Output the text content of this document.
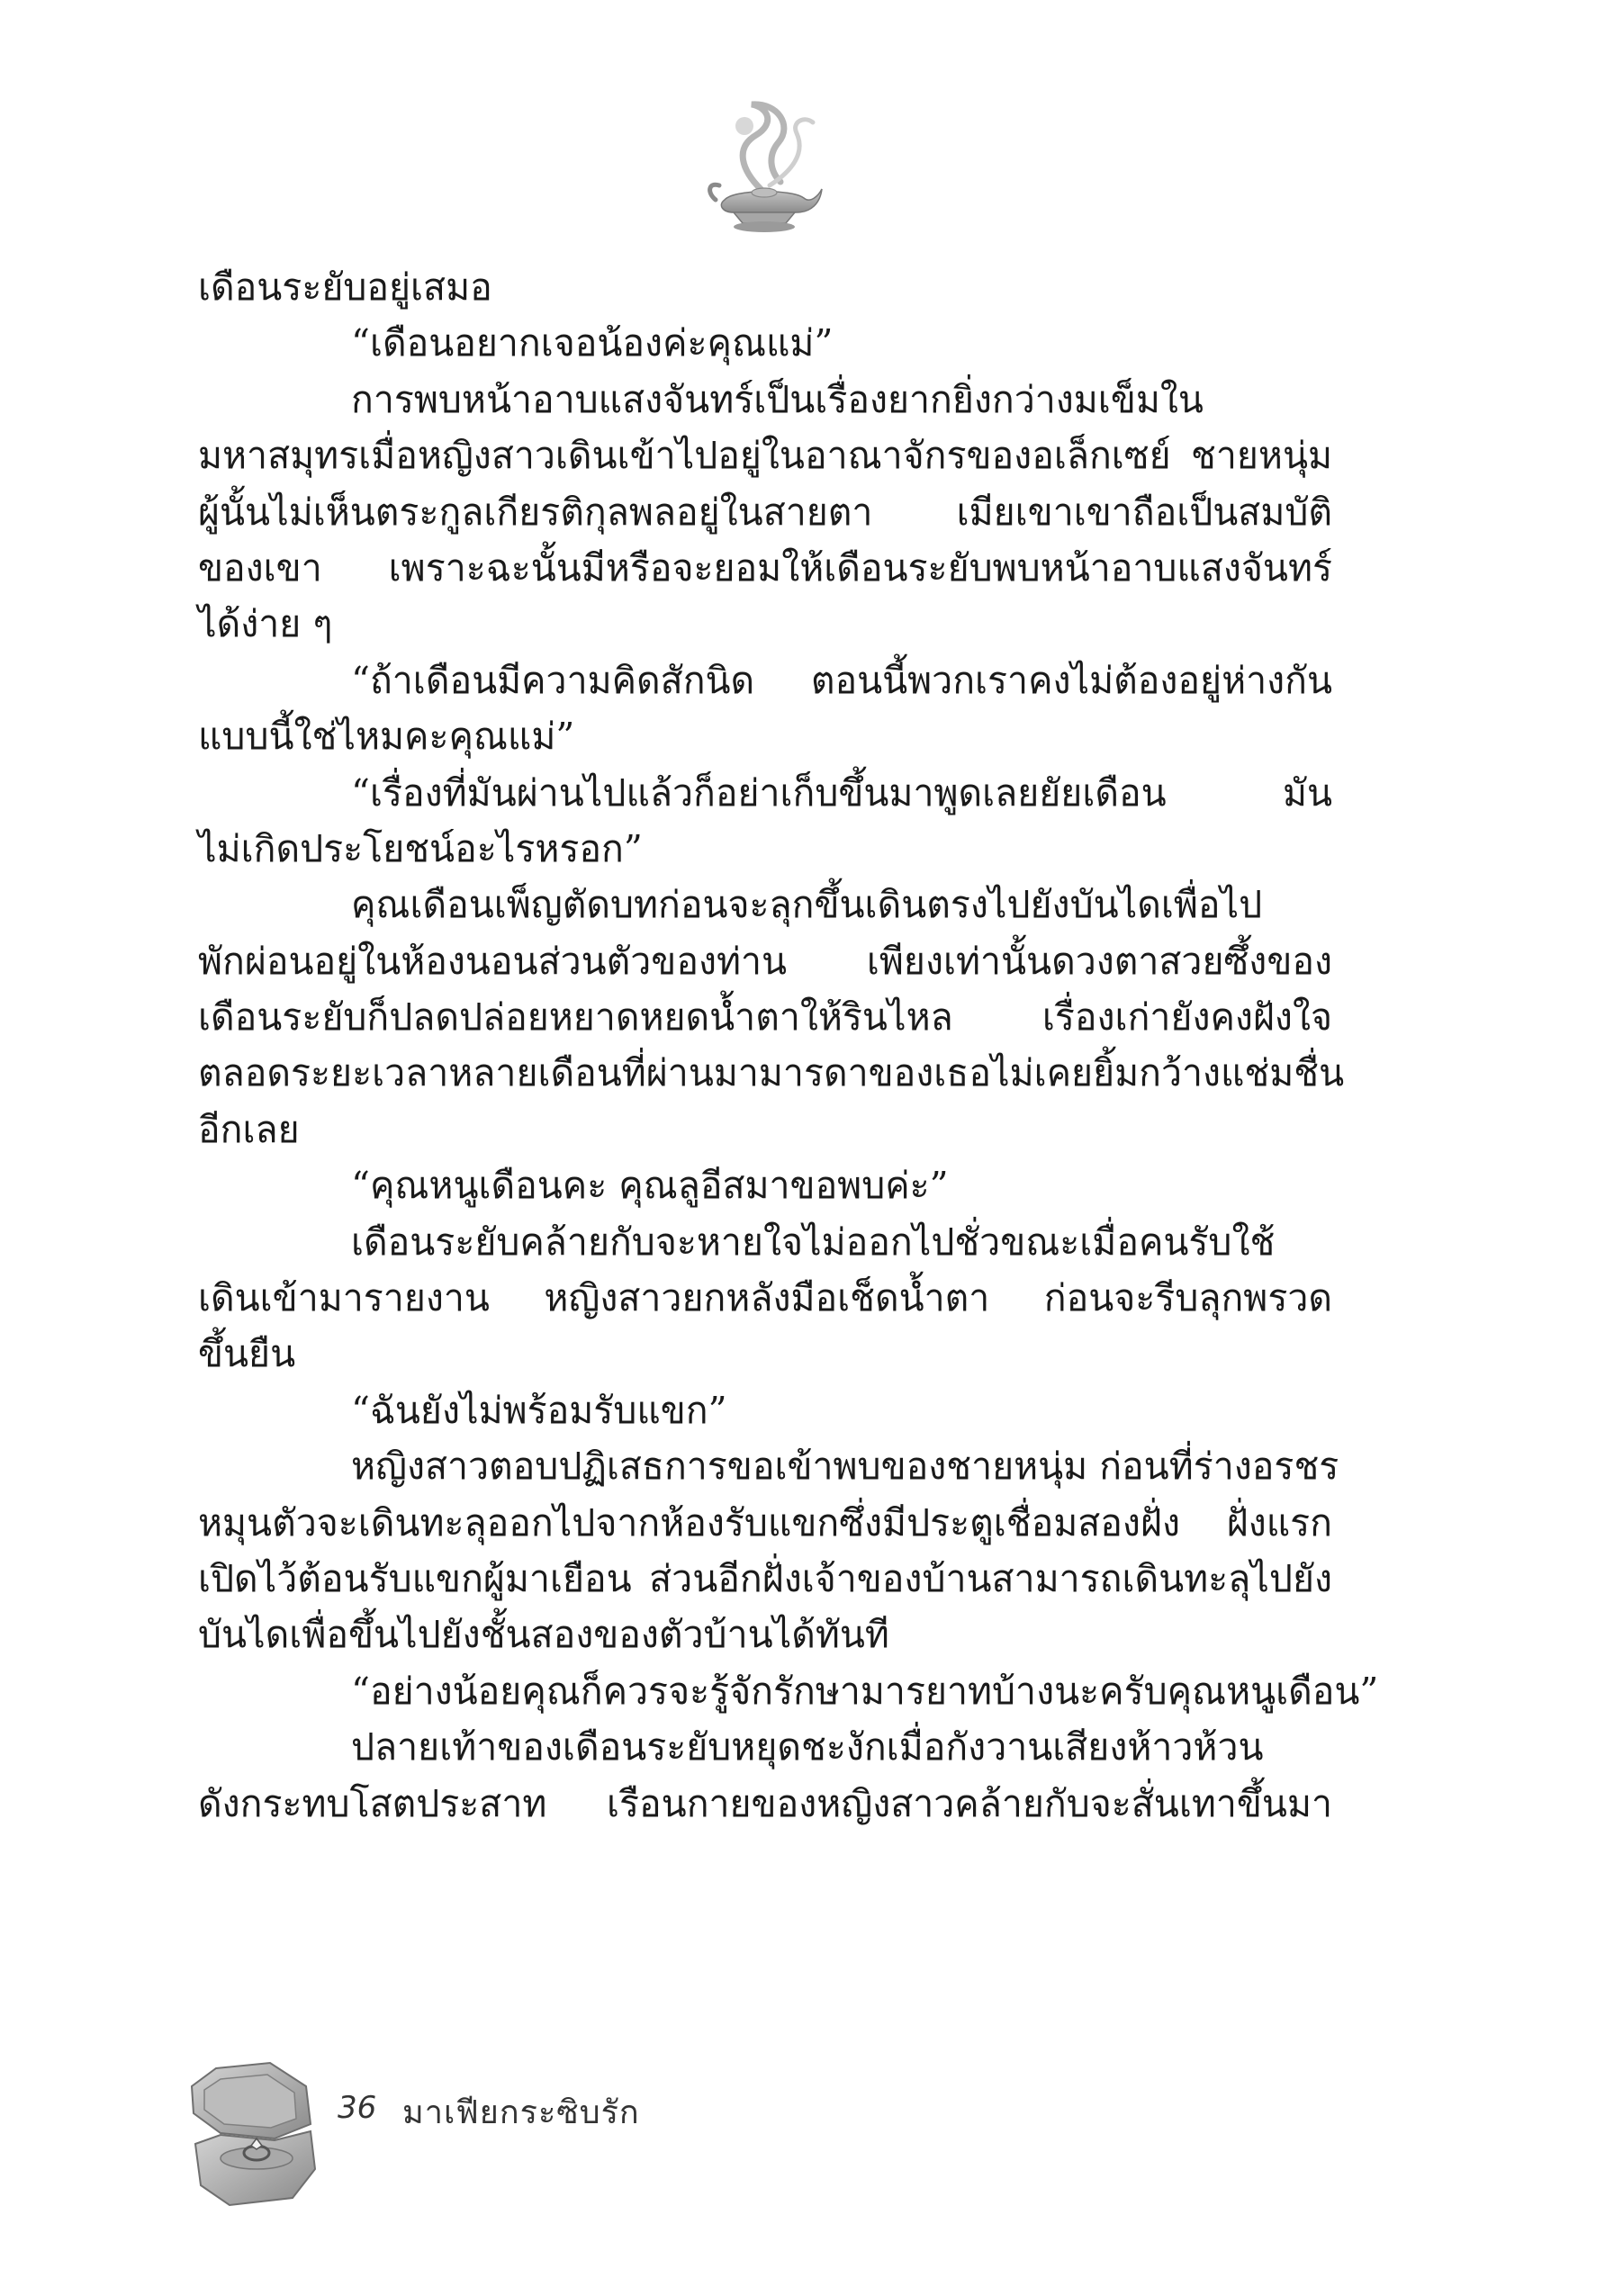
เดือนระยับอยู่เสมอ
“เดือนอยากเจอน้องค่ะคุณแม่”
การพบหน้าอาบแสงจันทร์เป็นเรื่องยากยิ่งกว่างมเข็มใน
มหาสมุทรเมื่อหญิงสาวเดินเข้าไปอยู่ในอาณาจักรของอเล็กเซย์ ชายหนุ่ม
ผู้นั้นไม่เห็นตระกูลเกียรติกุลพลอยู่ในสายตา เมียเขาเขาถือเป็นสมบัติ
ของเขา เพราะฉะนั้นมีหรือจะยอมให้เดือนระยับพบหน้าอาบแสงจันทร์
ได้ง่าย ๆ
“ถ้าเดือนมีความคิดสักนิด ตอนนี้พวกเราคงไม่ต้องอยู่ห่างกัน
แบบนี้ใช่ไหมคะคุณแม่”
“เรื่องที่มันผ่านไปแล้วก็อย่าเก็บขึ้นมาพูดเลยยัยเดือน มัน
ไม่เกิดประโยชน์อะไรหรอก”
คุณเดือนเพ็ญตัดบทก่อนจะลุกขึ้นเดินตรงไปยังบันไดเพื่อไป
พักผ่อนอยู่ในห้องนอนส่วนตัวของท่าน เพียงเท่านั้นดวงตาสวยซึ้งของ
เดือนระยับก็ปลดปล่อยหยาดหยดน้ำตาให้รินไหล เรื่องเก่ายังคงฝังใจ
ตลอดระยะเวลาหลายเดือนที่ผ่านมามารดาของเธอไม่เคยยิ้มกว้างแช่มชื่น
อีกเลย
“คุณหนูเดือนคะ คุณลูอีสมาขอพบค่ะ”
เดือนระยับคล้ายกับจะหายใจไม่ออกไปชั่วขณะเมื่อคนรับใช้
เดินเข้ามารายงาน หญิงสาวยกหลังมือเช็ดน้ำตา ก่อนจะรีบลุกพรวด
ขึ้นยืน
“ฉันยังไม่พร้อมรับแขก”
หญิงสาวตอบปฏิเสธการขอเข้าพบของชายหนุ่ม ก่อนที่ร่างอรชร
หมุนตัวจะเดินทะลุออกไปจากห้องรับแขกซึ่งมีประตูเชื่อมสองฝั่ง ฝั่งแรก
เปิดไว้ต้อนรับแขกผู้มาเยือน ส่วนอีกฝั่งเจ้าของบ้านสามารถเดินทะลุไปยัง
บันไดเพื่อขึ้นไปยังชั้นสองของตัวบ้านได้ทันที
“อย่างน้อยคุณก็ควรจะรู้จักรักษามารยาทบ้างนะครับคุณหนูเดือน”
ปลายเท้าของเดือนระยับหยุดชะงักเมื่อกังวานเสียงห้าวห้วน
ดังกระทบโสตประสาท เรือนกายของหญิงสาวคล้ายกับจะสั่นเทาขึ้นมา
36 มาเฟียกระซิบรัก
